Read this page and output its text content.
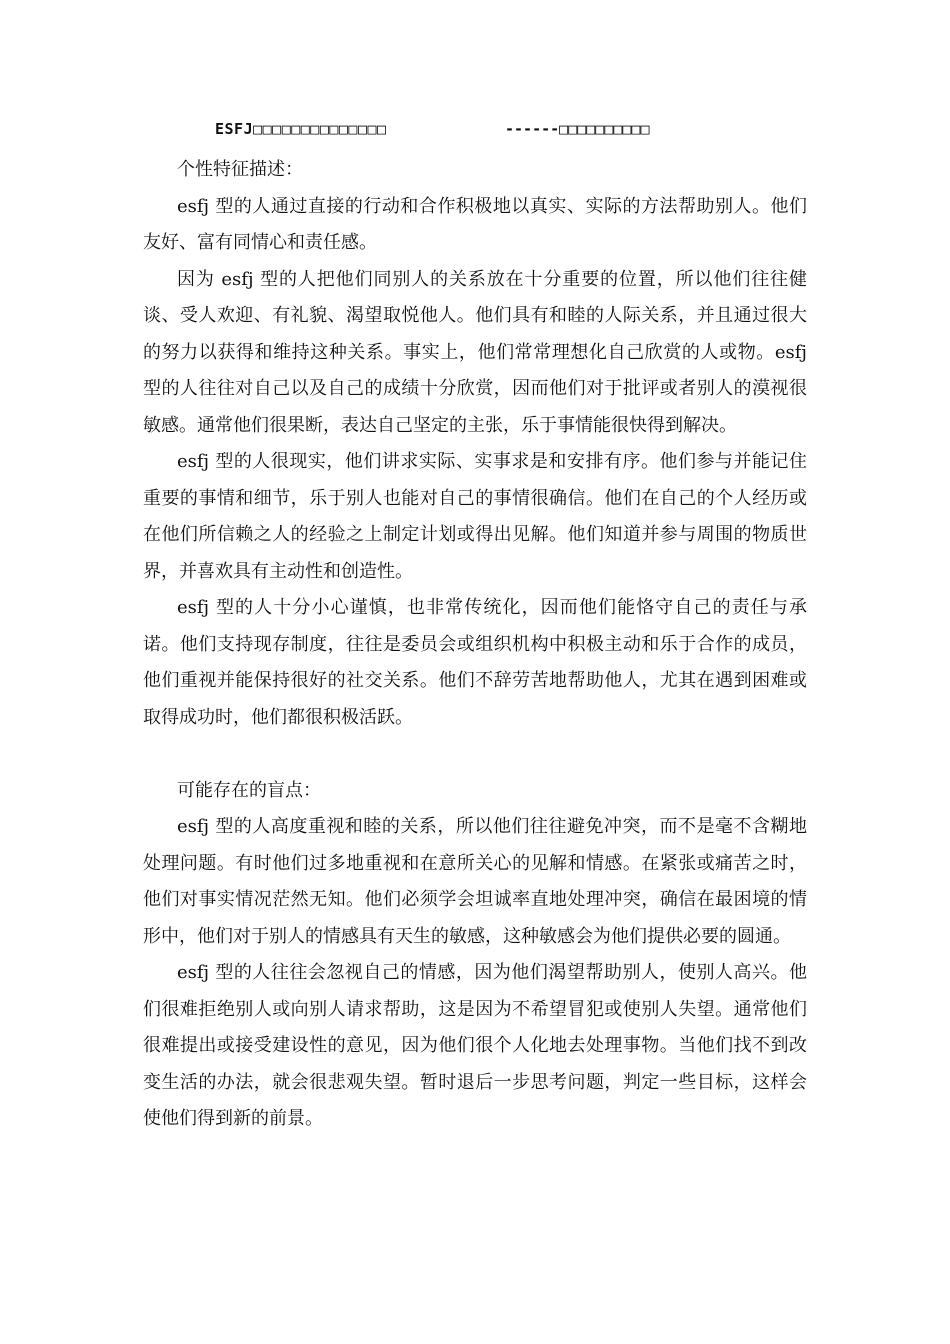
ESFJ□□□□□□□□□□□□□□	------□□□□□□□□□□

个性特征描述：

esfj 型的人通过直接的行动和合作积极地以真实、实际的方法帮助别人。他们友好、富有同情心和责任感。

因为 esfj 型的人把他们同别人的关系放在十分重要的位置，所以他们往往健谈、受人欢迎、有礼貌、渴望取悦他人。他们具有和睦的人际关系，并且通过很大的努力以获得和维持这种关系。事实上，他们常常理想化自己欣赏的人或物。esfj 型的人往往对自己以及自己的成绩十分欣赏，因而他们对于批评或者别人的漠视很敏感。通常他们很果断，表达自己坚定的主张，乐于事情能很快得到解决。

esfj 型的人很现实，他们讲求实际、实事求是和安排有序。他们参与并能记住重要的事情和细节，乐于别人也能对自己的事情很确信。他们在自己的个人经历或在他们所信赖之人的经验之上制定计划或得出见解。他们知道并参与周围的物质世界，并喜欢具有主动性和创造性。

esfj 型的人十分小心谨慎，也非常传统化，因而他们能恪守自己的责任与承诺。他们支持现存制度，往往是委员会或组织机构中积极主动和乐于合作的成员，他们重视并能保持很好的社交关系。他们不辞劳苦地帮助他人，尤其在遇到困难或取得成功时，他们都很积极活跃。

可能存在的盲点：

esfj 型的人高度重视和睦的关系，所以他们往往避免冲突，而不是毫不含糊地处理问题。有时他们过多地重视和在意所关心的见解和情感。在紧张或痛苦之时，他们对事实情况茫然无知。他们必须学会坦诚率直地处理冲突，确信在最困境的情形中，他们对于别人的情感具有天生的敏感，这种敏感会为他们提供必要的圆通。

esfj 型的人往往会忽视自己的情感，因为他们渴望帮助别人，使别人高兴。他们很难拒绝别人或向别人请求帮助，这是因为不希望冒犯或使别人失望。通常他们很难提出或接受建设性的意见，因为他们很个人化地去处理事物。当他们找不到改变生活的办法，就会很悲观失望。暂时退后一步思考问题，判定一些目标，这样会使他们得到新的前景。
